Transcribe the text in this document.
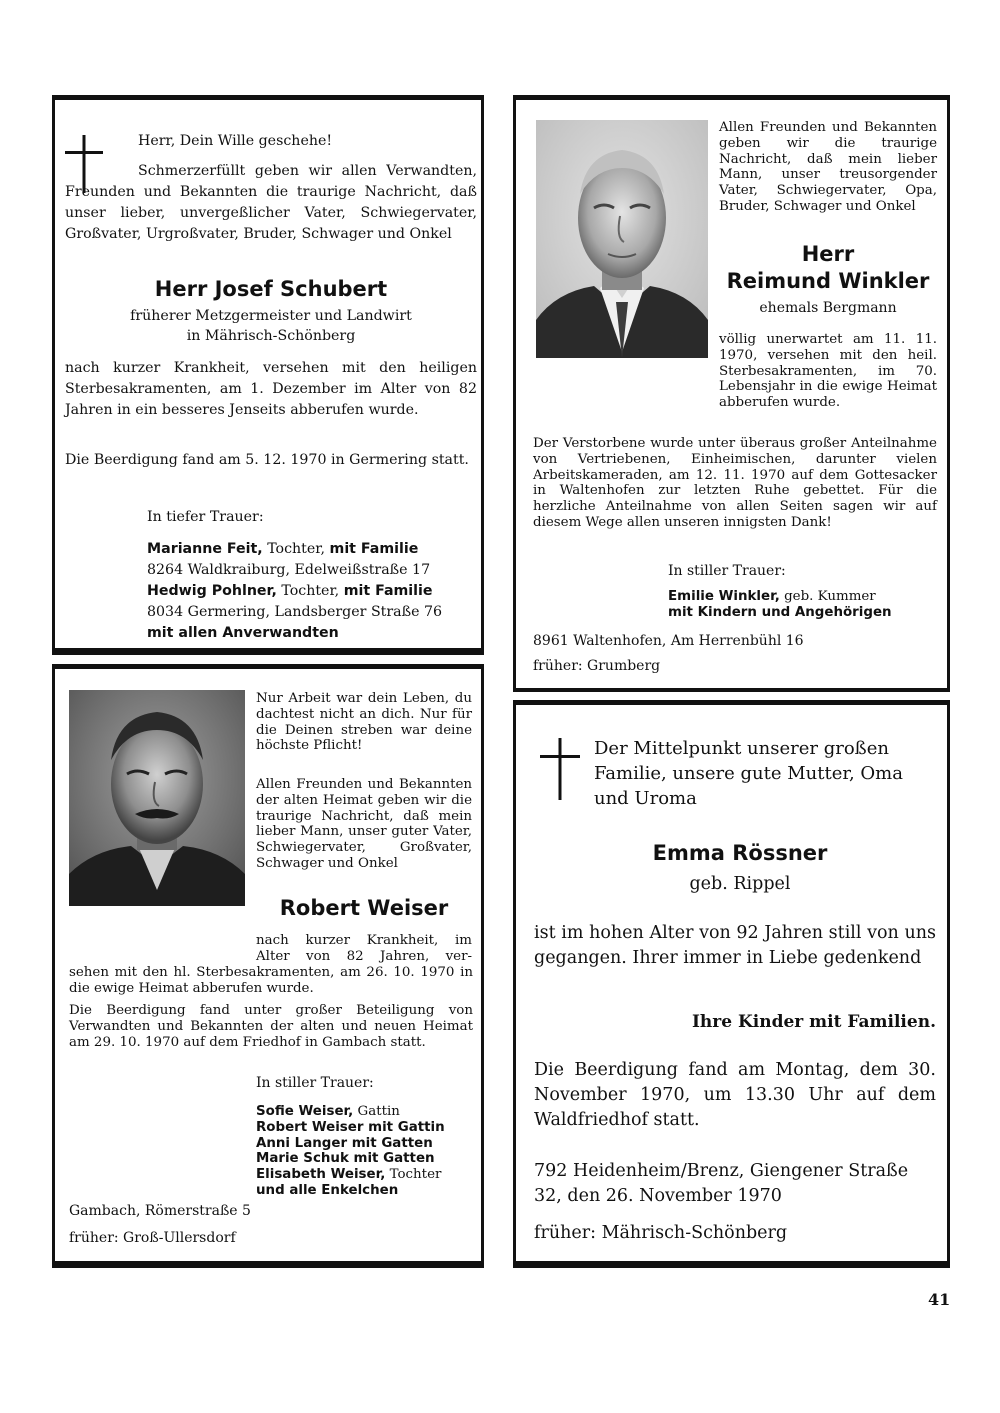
Herr, Dein Wille geschehe!

Schmerzerfüllt geben wir allen Verwandten, Freunden und Bekannten die traurige Nachricht, daß unser lieber, unvergeßlicher Vater, Schwiegervater, Großvater, Urgroßvater, Bruder, Schwager und Onkel

Herr Josef Schubert

früherer Metzgermeister und Landwirt

in Mährisch-Schönberg

nach kurzer Krankheit, versehen mit den heiligen Sterbesakramenten, am 1. Dezember im Alter von 82 Jahren in ein besseres Jenseits abberufen wurde.

Die Beerdigung fand am 5. 12. 1970 in Germering statt.

In tiefer Trauer:

Marianne Feit, Tochter, mit Familie

8264 Waldkraiburg, Edelweißstraße 17

Hedwig Pohlner, Tochter, mit Familie

8034 Germering, Landsberger Straße 76

mit allen Anverwandten

Allen Freunden und Bekannten geben wir die traurige Nachricht, daß mein lieber Mann, unser treusorgender Vater, Schwiegervater, Opa, Bruder, Schwager und Onkel

Herr

Reimund Winkler

ehemals Bergmann

völlig unerwartet am 11. 11. 1970, versehen mit den heil. Sterbesakramenten, im 70. Lebensjahr in die ewige Heimat abberufen wurde.

Der Verstorbene wurde unter überaus großer Anteilnahme von Vertriebenen, Einheimischen, darunter vielen Arbeitskameraden, am 12. 11. 1970 auf dem Gottesacker in Waltenhofen zur letzten Ruhe gebettet. Für die herzliche Anteilnahme von allen Seiten sagen wir auf diesem Wege allen unseren innigsten Dank!

In stiller Trauer:

Emilie Winkler, geb. Kummer

mit Kindern und Angehörigen

8961 Waltenhofen, Am Herrenbühl 16

früher: Grumberg

Nur Arbeit war dein Leben, du dachtest nicht an dich. Nur für die Deinen streben war deine höchste Pflicht!

Allen Freunden und Bekannten der alten Heimat geben wir die traurige Nachricht, daß mein lieber Mann, unser guter Vater, Schwiegervater, Großvater, Schwager und Onkel

Robert Weiser

nach kurzer Krankheit, im Alter von 82 Jahren, ver-

sehen mit den hl. Sterbesakramenten, am 26. 10. 1970 in die ewige Heimat abberufen wurde.

Die Beerdigung fand unter großer Beteiligung von Verwandten und Bekannten der alten und neuen Heimat am 29. 10. 1970 auf dem Friedhof in Gambach statt.

In stiller Trauer:

Sofie Weiser, Gattin

Robert Weiser mit Gattin

Anni Langer mit Gatten

Marie Schuk mit Gatten

Elisabeth Weiser, Tochter

und alle Enkelchen

Gambach, Römerstraße 5

früher: Groß-Ullersdorf

Der Mittelpunkt unserer großen Familie, unsere gute Mutter, Oma und Uroma

Emma Rössner

geb. Rippel

ist im hohen Alter von 92 Jahren still von uns gegangen. Ihrer immer in Liebe gedenkend

Ihre Kinder mit Familien.

Die Beerdigung fand am Montag, dem 30. November 1970, um 13.30 Uhr auf dem Waldfriedhof statt.

792 Heidenheim/Brenz, Giengener Straße 32, den 26. November 1970

früher: Mährisch-Schönberg

41
